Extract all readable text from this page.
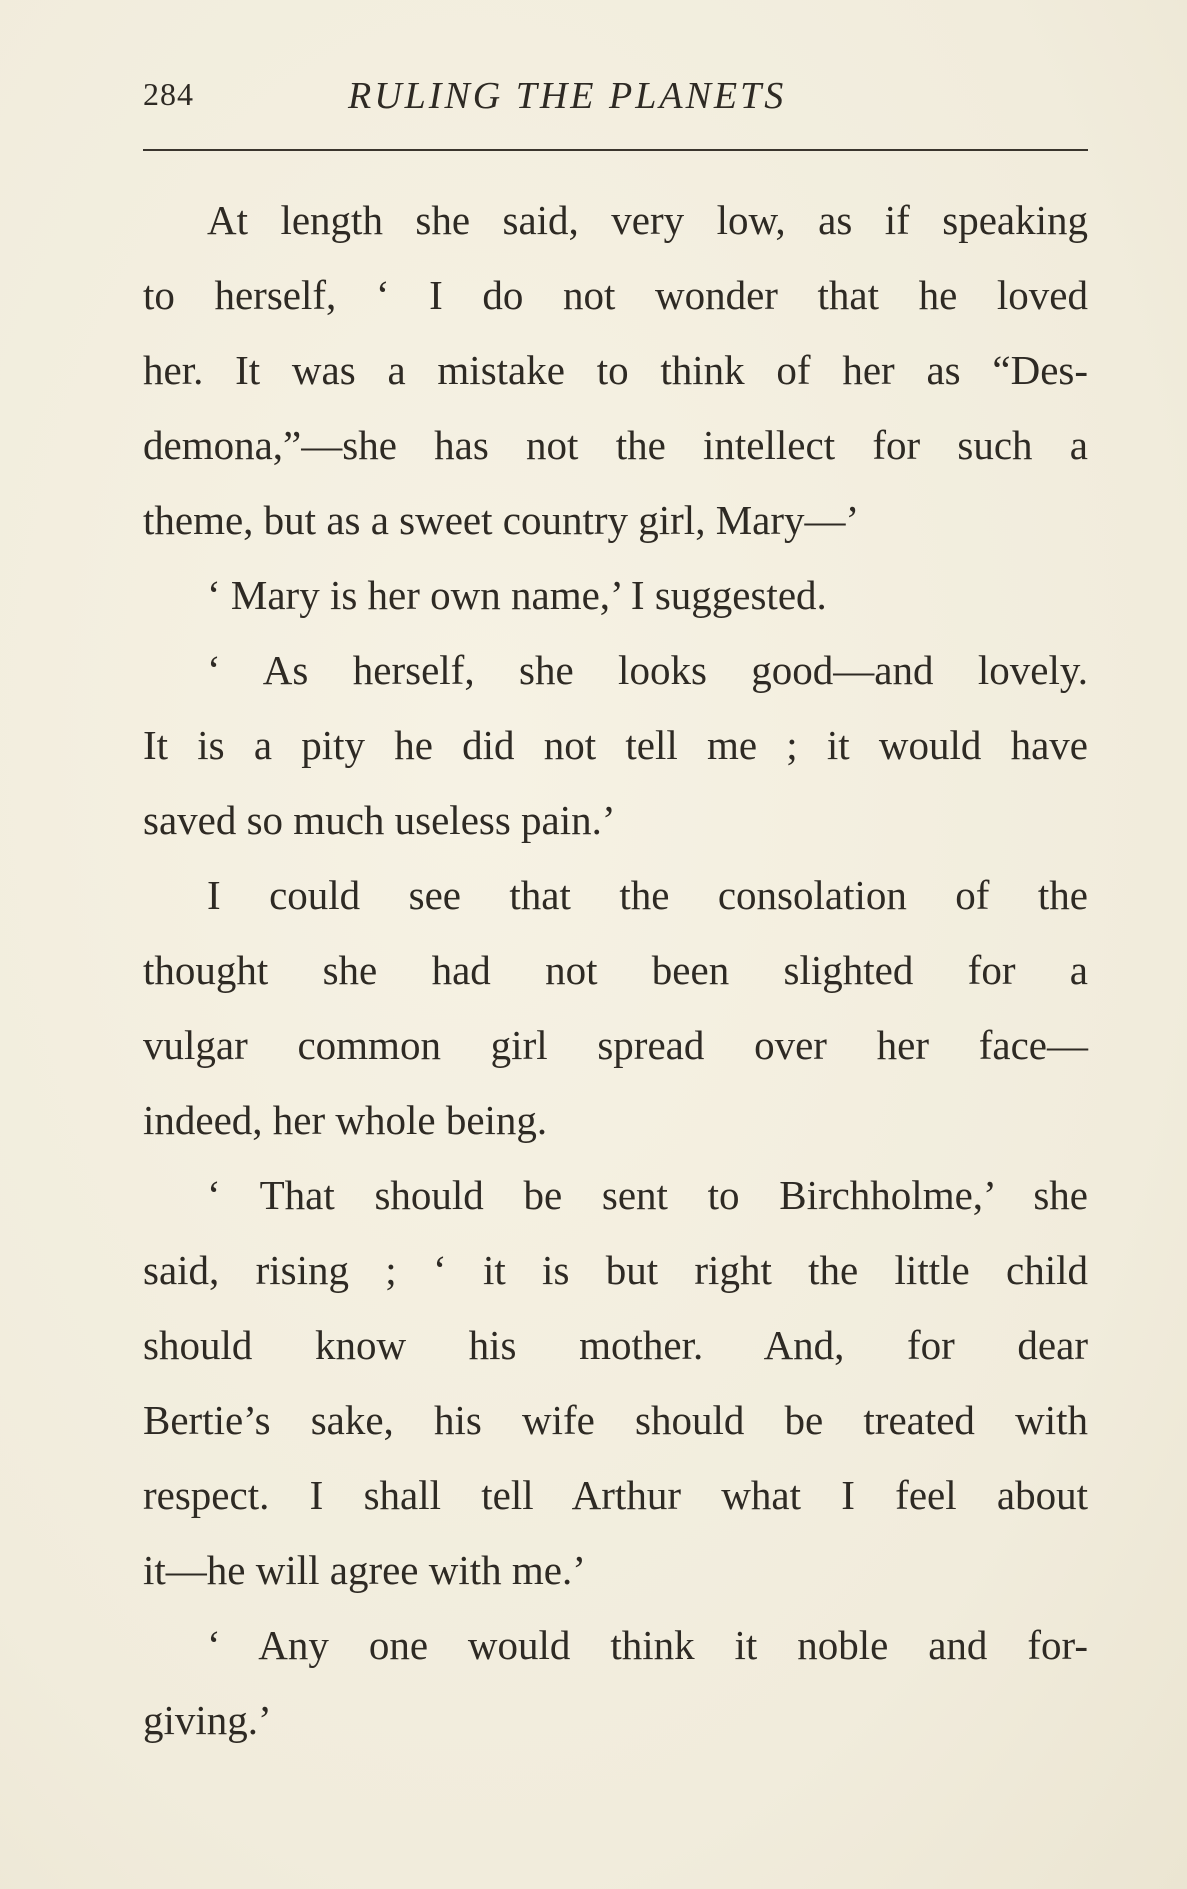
284	RULING THE PLANETS
At length she said, very low, as if speaking
to herself, ‘ I do not wonder that he loved
her. It was a mistake to think of her as “Des-
demona,”—she has not the intellect for such a
theme, but as a sweet country girl, Mary—’
‘ Mary is her own name,’ I suggested.
‘ As herself, she looks good—and lovely.
It is a pity he did not tell me ; it would have
saved so much useless pain.’
I could see that the consolation of the
thought she had not been slighted for a
vulgar common girl spread over her face—
indeed, her whole being.
‘ That should be sent to Birchholme,’ she
said, rising ; ‘ it is but right the little child
should know his mother. And, for dear
Bertie’s sake, his wife should be treated with
respect. I shall tell Arthur what I feel about
it—he will agree with me.’
‘ Any one would think it noble and for-
giving.’
